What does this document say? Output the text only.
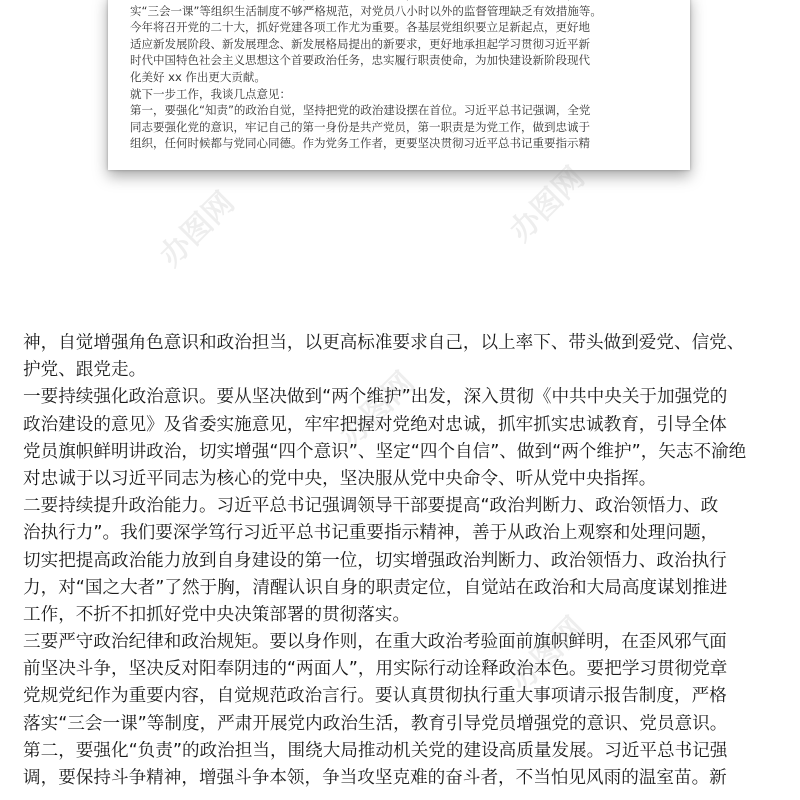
实“三会一课”等组织生活制度不够严格规范，对党员八小时以外的监督管理缺乏有效措施等。
今年将召开党的二十大，抓好党建各项工作尤为重要。各基层党组织要立足新起点，更好地
适应新发展阶段、新发展理念、新发展格局提出的新要求，更好地承担起学习贯彻习近平新
时代中国特色社会主义思想这个首要政治任务，忠实履行职责使命，为加快建设新阶段现代
化美好 xx 作出更大贡献。
就下一步工作，我谈几点意见：
第一，要强化“知责”的政治自觉，坚持把党的政治建设摆在首位。习近平总书记强调，全党
同志要强化党的意识，牢记自己的第一身份是共产党员，第一职责是为党工作，做到忠诚于
组织，任何时候都与党同心同德。作为党务工作者，更要坚决贯彻习近平总书记重要指示精
神，自觉增强角色意识和政治担当，以更高标准要求自己，以上率下、带头做到爱党、信党、
护党、跟党走。
一要持续强化政治意识。要从坚决做到“两个维护”出发，深入贯彻《中共中央关于加强党的
政治建设的意见》及省委实施意见，牢牢把握对党绝对忠诚，抓牢抓实忠诚教育，引导全体
党员旗帜鲜明讲政治，切实增强“四个意识”、坚定“四个自信”、做到“两个维护”，矢志不渝绝
对忠诚于以习近平同志为核心的党中央，坚决服从党中央命令、听从党中央指挥。
二要持续提升政治能力。习近平总书记强调领导干部要提高“政治判断力、政治领悟力、政
治执行力”。我们要深学笃行习近平总书记重要指示精神，善于从政治上观察和处理问题，
切实把提高政治能力放到自身建设的第一位，切实增强政治判断力、政治领悟力、政治执行
力，对“国之大者”了然于胸，清醒认识自身的职责定位，自觉站在政治和大局高度谋划推进
工作，不折不扣抓好党中央决策部署的贯彻落实。
三要严守政治纪律和政治规矩。要以身作则，在重大政治考验面前旗帜鲜明，在歪风邪气面
前坚决斗争，坚决反对阳奉阴违的“两面人”，用实际行动诠释政治本色。要把学习贯彻党章
党规党纪作为重要内容，自觉规范政治言行。要认真贯彻执行重大事项请示报告制度，严格
落实“三会一课”等制度，严肃开展党内政治生活，教育引导党员增强党的意识、党员意识。
第二，要强化“负责”的政治担当，围绕大局推动机关党的建设高质量发展。习近平总书记强
调，要保持斗争精神，增强斗争本领，争当攻坚克难的奋斗者，不当怕见风雨的温室苗。新
办图网	办图网
办图网
办图网
